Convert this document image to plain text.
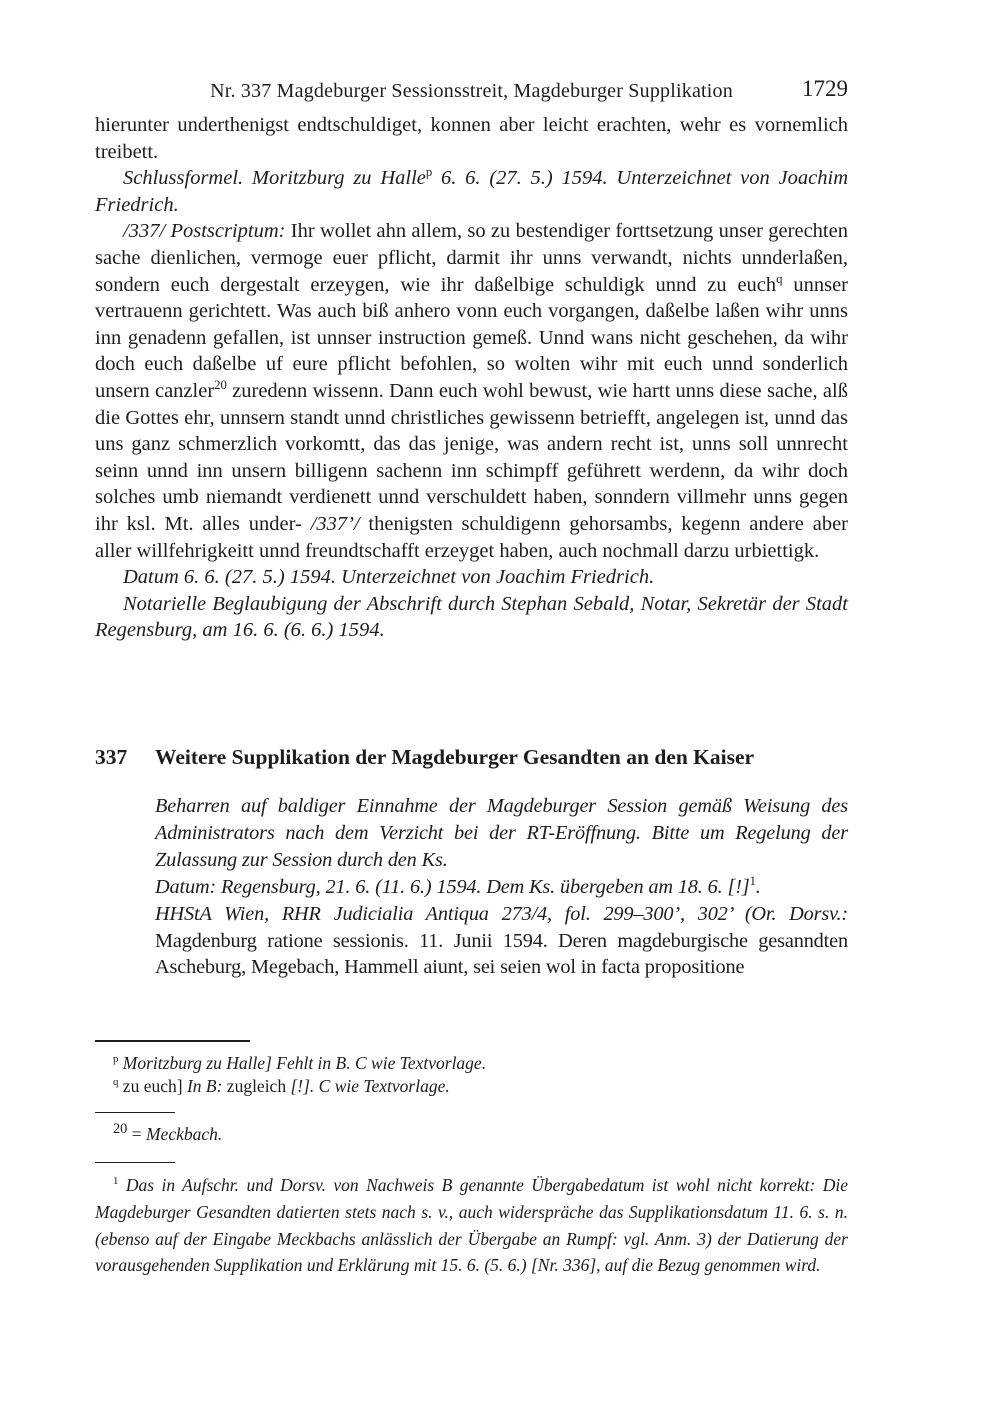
Nr. 337 Magdeburger Sessionsstreit, Magdeburger Supplikation	1729

hierunter underthenigst endtschuldiget, konnen aber leicht erachten, wehr es vornemlich treibett.

Schlussformel. Moritzburg zu Halle$^p$ 6. 6. (27. 5.) 1594. Unterzeichnet von Joachim Friedrich.

/337/ Postscriptum: Ihr wollet ahn allem, so zu bestendiger forttsetzung unser gerechten sache dienlichen, vermoge euer pflicht, darmit ihr unns verwandt, nichts unnderlaßen, sondern euch dergestalt erzeygen, wie ihr daßelbige schuldigk unnd zu euch$^q$ unnser vertrauenn gerichtett. Was auch biß anhero vonn euch vorgangen, daßelbe laßen wihr unns inn genadenn gefallen, ist unnser instruction gemeß. Unnd wans nicht geschehen, da wihr doch euch daßelbe uf eure pflicht befohlen, so wolten wihr mit euch unnd sonderlich unsern canzler$^{20}$ zuredenn wissenn. Dann euch wohl bewust, wie hartt unns diese sache, alß die Gottes ehr, unnsern standt unnd christliches gewissenn betriefft, angelegen ist, unnd das uns ganz schmerzlich vorkomtt, das das jenige, was andern recht ist, unns soll unnrecht seinn unnd inn unsern billigenn sachenn inn schimpff geführett werdenn, da wihr doch solches umb niemandt verdienett unnd verschuldett haben, sonndern villmehr unns gegen ihr ksl. Mt. alles under- /337’/ thenigsten schuldigenn gehorsambs, kegenn andere aber aller willfehrigkeitt unnd freundtschafft erzeyget haben, auch nochmall darzu urbiettigk.

Datum 6. 6. (27. 5.) 1594. Unterzeichnet von Joachim Friedrich.

Notarielle Beglaubigung der Abschrift durch Stephan Sebald, Notar, Sekretär der Stadt Regensburg, am 16. 6. (6. 6.) 1594.

337	Weitere Supplikation der Magdeburger Gesandten an den Kaiser

Beharren auf baldiger Einnahme der Magdeburger Session gemäß Weisung des Administrators nach dem Verzicht bei der RT-Eröffnung. Bitte um Regelung der Zulassung zur Session durch den Ks.

Datum: Regensburg, 21. 6. (11. 6.) 1594. Dem Ks. übergeben am 18. 6. [!]$^1$.

HHStA Wien, RHR Judicialia Antiqua 273/4, fol. 299–300’, 302’ (Or. Dorsv.: Magdenburg ratione sessionis. 11. Junii 1594. Deren magdeburgische gesanndten Ascheburg, Megebach, Hammell aiunt, sei seien wol in facta propositione

$^p$ Moritzburg zu Halle] Fehlt in B. C wie Textvorlage.

$^q$ zu euch] In B: zugleich [!]. C wie Textvorlage.

$^{20}$ = Meckbach.

$^1$ Das in Aufschr. und Dorsv. von Nachweis B genannte Übergabedatum ist wohl nicht korrekt: Die Magdeburger Gesandten datierten stets nach s. v., auch widerspräche das Supplikationsdatum 11. 6. s. n. (ebenso auf der Eingabe Meckbachs anlässlich der Übergabe an Rumpf: vgl. Anm. 3) der Datierung der vorausgehenden Supplikation und Erklärung mit 15. 6. (5. 6.) [Nr. 336], auf die Bezug genommen wird.
